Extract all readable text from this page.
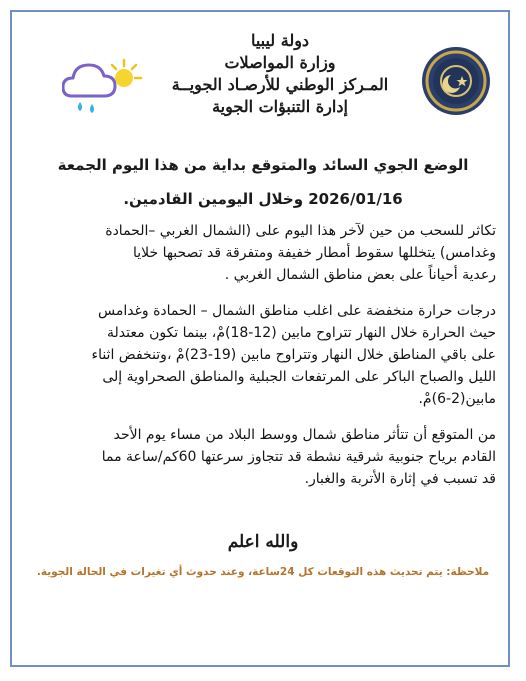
دولة ليبيا
وزارة المواصلات
المـركز الوطني للأرصـاد الجويــة
إدارة التنبؤات الجوية
الوضع الجوي السائد والمتوقع بداية من هذا اليوم الجمعة
2026/01/16 وخلال اليومين القادمين.
تكاثر للسحب من حين لآخر هذا اليوم على (الشمال الغربي –الحمادة
وغدامس) يتخللها سقوط أمطار خفيفة ومتفرقة قد تصحبها خلايا
رعدية أحياناً على بعض مناطق الشمال الغربي .
درجات حرارة منخفضة على اغلب مناطق الشمال – الحمادة وغدامس
حيث الحرارة خلال النهار تتراوح مابين (12-18)مْ، بينما تكون معتدلة
على باقي المناطق خلال النهار وتتراوح مابين (19-23)مْ ،وتنخفض اثناء
الليل والصباح الباكر على المرتفعات الجبلية والمناطق الصحراوية إلى
مابين(2-6)مْ.
من المتوقع أن تتأثر مناطق شمال ووسط البلاد من مساء يوم الأحد
القادم برياح جنوبية شرقية نشطة قد تتجاوز سرعتها 60كم/ساعة مما
قد تسبب في إثارة الأتربة والغبار.
والله اعلم
ملاحظة: يتم تحديث هذه التوقعات كل 24ساعة، وعند حدوث أي تغيرات في الحالة الجوية.
